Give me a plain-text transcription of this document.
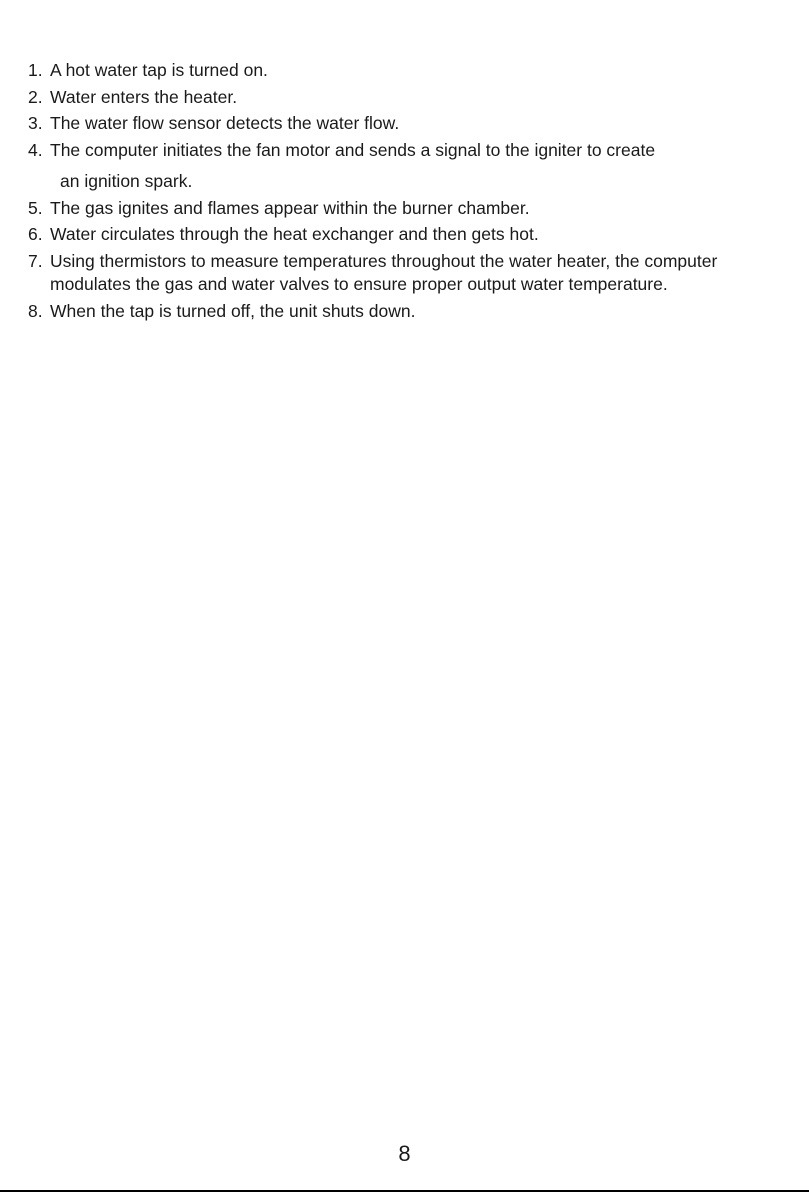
1. A hot water tap is turned on.
2. Water enters the heater.
3. The water flow sensor detects the water flow.
4. The computer initiates the fan motor and sends a signal to the igniter to create
an ignition spark.
5. The gas ignites and flames appear within the burner chamber.
6. Water circulates through the heat exchanger and then gets hot.
7. Using thermistors to measure temperatures throughout the water heater, the computer modulates the gas and water valves to ensure proper output water temperature.
8. When the tap is turned off, the unit shuts down.
8
